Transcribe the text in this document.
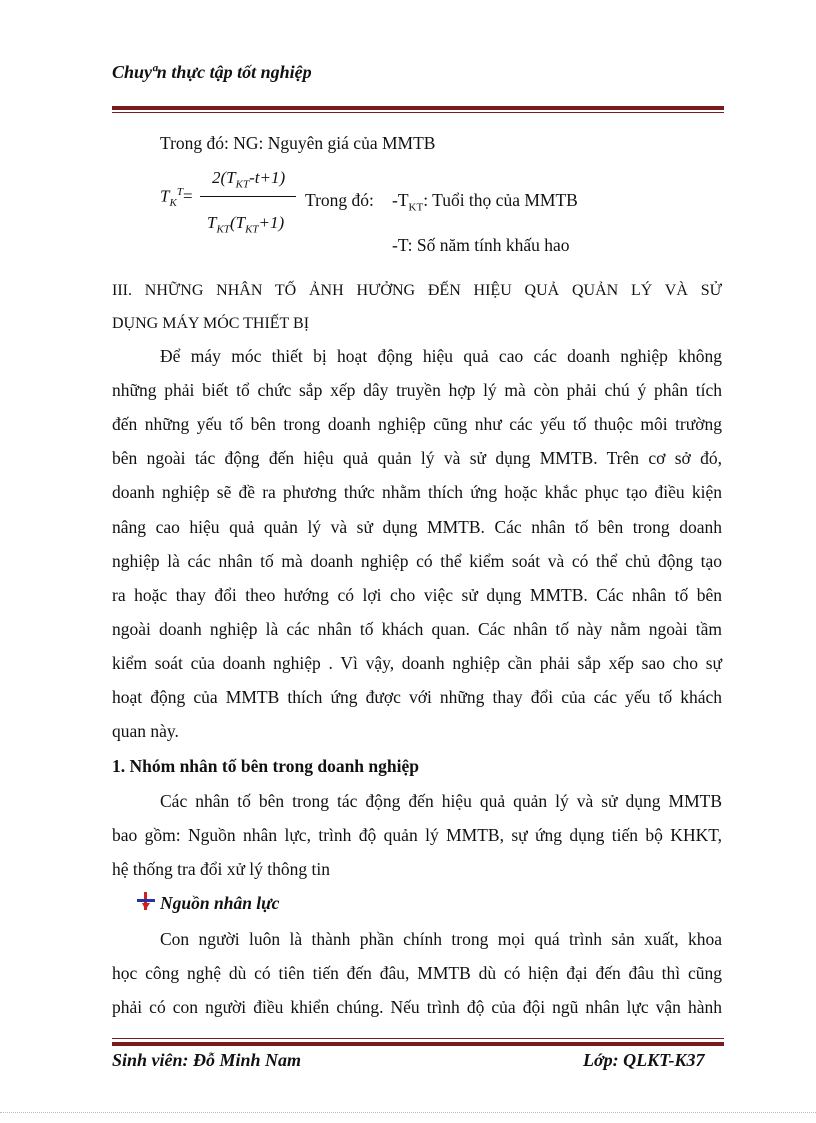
Chuyªn thực tập tốt nghiệp
Trong đó: NG: Nguyên giá của MMTB
$T_K^T=$
$2(T_{KT}-t+1)$
$T_{KT}(T_{KT}+1)$
Trong đó: $-T_{KT}$: Tuổi thọ của MMTB
-T: Số năm tính khấu hao
III. NHỮNG NHÂN TỐ ẢNH HƯỞNG ĐẾN HIỆU QUẢ QUẢN LÝ VÀ SỬ
DỤNG MÁY MÓC THIẾT BỊ
Để máy móc thiết bị hoạt động hiệu quả cao các doanh nghiệp không
những phải biết tổ chức sắp xếp dây truyền hợp lý mà còn phải chú ý phân tích
đến những yếu tố bên trong doanh nghiệp cũng như các yếu tố thuộc môi trường
bên ngoài tác động đến hiệu quả quản lý và sử dụng MMTB. Trên cơ sở đó,
doanh nghiệp sẽ đề ra phương thức nhằm thích ứng hoặc khắc phục tạo điều kiện
nâng cao hiệu quả quản lý và sử dụng MMTB. Các nhân tố bên trong doanh
nghiệp là các nhân tố mà doanh nghiệp có thể kiểm soát và có thể chủ động tạo
ra hoặc thay đổi theo hướng có lợi cho việc sử dụng MMTB. Các nhân tố bên
ngoài doanh nghiệp là các nhân tố khách quan. Các nhân tố này nằm ngoài tầm
kiểm soát của doanh nghiệp . Vì vậy, doanh nghiệp cần phải sắp xếp sao cho sự
hoạt động của MMTB thích ứng được với những thay đổi của các yếu tố khách
quan này.
1. Nhóm nhân tố bên trong doanh nghiệp
Các nhân tố bên trong tác động đến hiệu quả quản lý và sử dụng MMTB
bao gồm: Nguồn nhân lực, trình độ quản lý MMTB, sự ứng dụng tiến bộ KHKT,
hệ thống tra đổi xử lý thông tin
Nguồn nhân lực
Con người luôn là thành phần chính trong mọi quá trình sản xuất, khoa
học công nghệ dù có tiên tiến đến đâu, MMTB dù có hiện đại đến đâu thì cũng
phải có con người điều khiển chúng. Nếu trình độ của đội ngũ nhân lực vận hành
Sinh viên: Đỗ Minh Nam	Lớp: QLKT-K37
